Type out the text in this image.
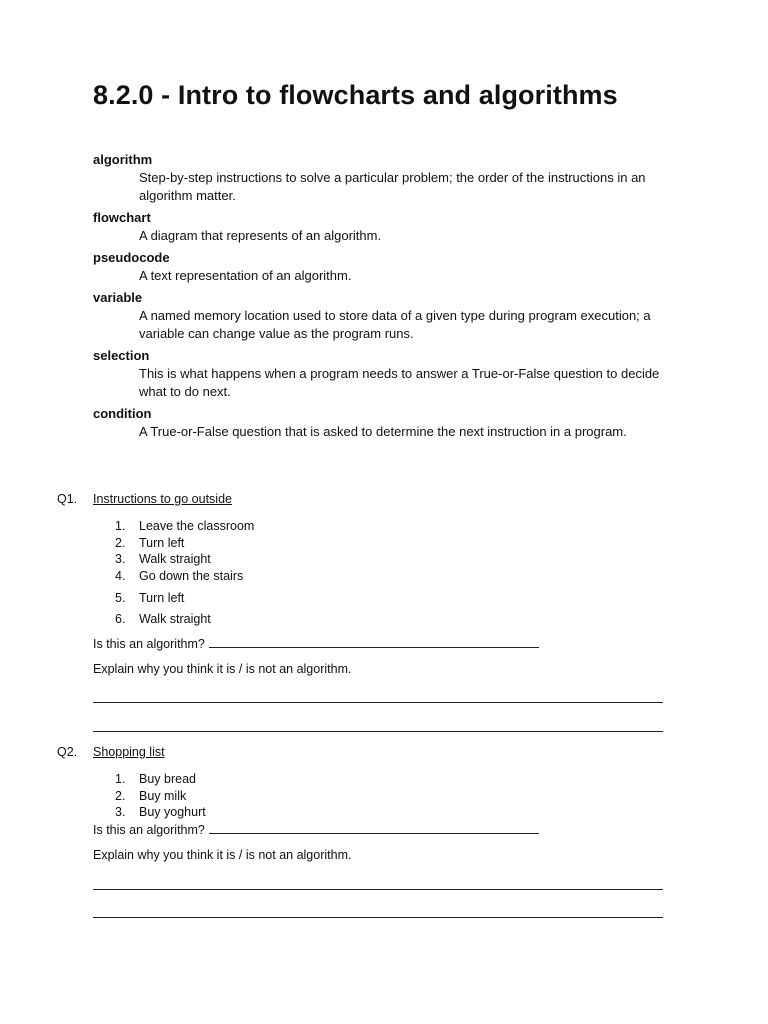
8.2.0 - Intro to flowcharts and algorithms
algorithm
Step-by-step instructions to solve a particular problem; the order of the instructions in an algorithm matter.
flowchart
A diagram that represents of an algorithm.
pseudocode
A text representation of an algorithm.
variable
A named memory location used to store data of a given type during program execution; a variable can change value as the program runs.
selection
This is what happens when a program needs to answer a True-or-False question to decide what to do next.
condition
A True-or-False question that is asked to determine the next instruction in a program.
Q1. Instructions to go outside
1. Leave the classroom
2. Turn left
3. Walk straight
4. Go down the stairs
5. Turn left
6. Walk straight
Is this an algorithm?
Explain why you think it is / is not an algorithm.
Q2. Shopping list
1. Buy bread
2. Buy milk
3. Buy yoghurt
Is this an algorithm?
Explain why you think it is / is not an algorithm.
